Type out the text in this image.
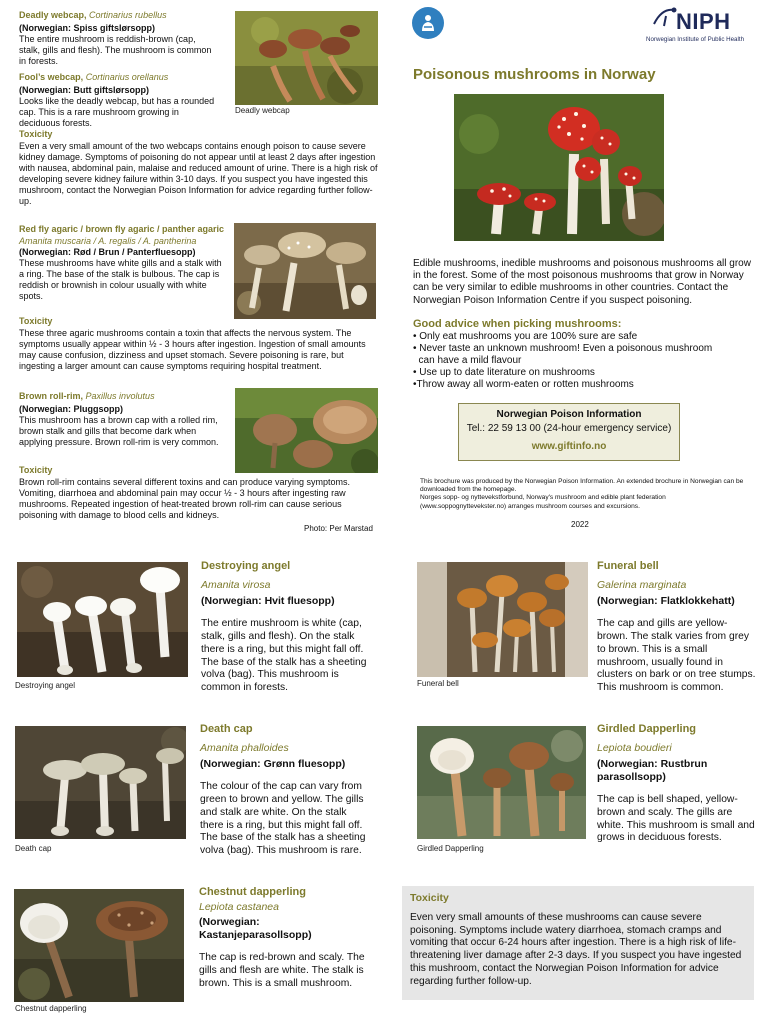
Deadly webcap, Cortinarius rubellus
(Norwegian: Spiss giftslørsopp)

The entire mushroom is reddish-brown (cap, stalk, gills and flesh). The mushroom is common in forests.

Fool’s webcap, Cortinarius orellanus
(Norwegian: Butt giftslørsopp)

Looks like the deadly webcap, but has a rounded cap. This is a rare mushroom growing in deciduous forests.

Deadly webcap
Toxicity

Even a very small amount of the two webcaps contains enough poison to cause severe kidney damage. Symptoms of poisoning do not appear until at least 2 days after ingestion with nausea, abdominal pain, malaise and reduced amount of urine. There is a high risk of developing severe kidney failure within 3-10 days. If you suspect you have ingested this mushroom, contact the Norwegian Poison Information for advice regarding further follow-up.

Red fly agaric / brown fly agaric / panther agaric
Amanita muscaria / A. regalis / A. pantherina
(Norwegian: Rød / Brun / Panterfluesopp)

These mushrooms have white gills and a stalk with a ring. The base of the stalk is bulbous. The cap is reddish or brownish in colour usually with white spots.

Toxicity

These three agaric mushrooms contain a toxin that affects the nervous system. The symptoms usually appear within ½ - 3 hours after ingestion. Ingestion of small amounts may cause confusion, dizziness and upset stomach. Severe poisoning is rare, but ingesting a larger amount can cause symptoms requiring hospital treatment.

Brown roll-rim, Paxillus involutus
(Norwegian: Pluggsopp)

This mushroom has a brown cap with a rolled rim, brown stalk and gills that become dark when applying pressure. Brown roll-rim is very common.

Toxicity

Brown roll-rim contains several different toxins and can produce varying symptoms. Vomiting, diarrhoea and abdominal pain may occur ½ - 3 hours after ingesting raw mushrooms. Repeated ingestion of heat-treated brown roll-rim can cause serious poisoning with damage to blood cells and kidneys.

Photo: Per Marstad
NIPH
Norwegian Institute of Public Health
Poisonous mushrooms in Norway

Edible mushrooms, inedible mushrooms and poisonous mushrooms all grow in the forest. Some of the most poisonous mushrooms that grow in Norway can be very similar to edible mushrooms in other countries. Contact the Norwegian Poison Information Centre if you suspect poisoning.

Good advice when picking mushrooms:
• Only eat mushrooms you are 100% sure are safe
• Never taste an unknown mushroom! Even a poisonous mushroom
can have a mild flavour
• Use up to date literature on mushrooms
•Throw away all worm-eaten or rotten mushrooms
Norwegian Poison Information
Tel.: 22 59 13 00 (24-hour emergency service)
www.giftinfo.no
This brochure was produced by the Norwegian Poison Information. An extended brochure in Norwegian can be downloaded from the homepage.
Norges sopp- og nyttevekstforbund, Norway's mushroom and edible plant federation
(www.soppognyttevekster.no) arranges mushroom courses and excursions.
2022
Destroying angel
Destroying angel
Amanita virosa
(Norwegian: Hvit fluesopp)

The entire mushroom is white (cap, stalk, gills and flesh). On the stalk there is a ring, but this might fall off. The base of the stalk has a sheeting volva (bag). This mushroom is common in forests.	Funeral bell
Funeral bell
Galerina marginata
(Norwegian: Flatklokkehatt)

The cap and gills are yellow-brown. The stalk varies from grey to brown. This is a small mushroom, usually found in clusters on bark or on tree stumps. This mushroom is common.

Death cap
Death cap
Amanita phalloides
(Norwegian: Grønn fluesopp)

The colour of the cap can vary from green to brown and yellow. The gills and stalk are white. On the stalk there is a ring, but this might fall off. The base of the stalk has a sheeting volva (bag). This mushroom is rare.	Girdled Dapperling
Girdled Dapperling
Lepiota boudieri
(Norwegian: Rustbrun parasollsopp)

The cap is bell shaped, yellow-brown and scaly. The gills are white. This mushroom is small and grows in deciduous forests.

Chestnut dapperling
Chestnut dapperling
Lepiota castanea
(Norwegian: Kastanjeparasollsopp)

The cap is red-brown and scaly. The gills and flesh are white. The stalk is brown. This is a small mushroom.

Toxicity

Even very small amounts of these mushrooms can cause severe poisoning. Symptoms include watery diarrhoea, stomach cramps and vomiting that occur 6-24 hours after ingestion. There is a high risk of life-threatening liver damage after 2-3 days. If you suspect you have ingested this mushroom, contact the Norwegian Poison Information for advice regarding further follow-up.
